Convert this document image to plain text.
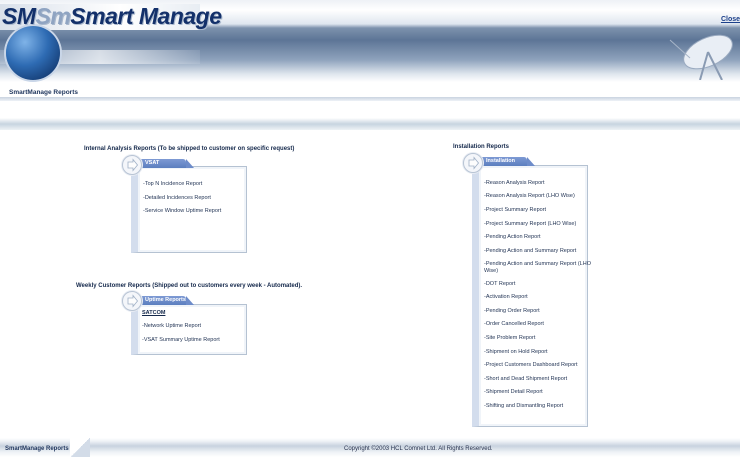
SMSmSmart Manage	Close
SmartManage Reports
Internal Analysis Reports (To be shipped to customer on specific request)
VSAT
-Top N Incidence Report
-Detailed Incidences Report
-Service Window Uptime Report
Weekly Customer Reports (Shipped out to customers every week - Automated).
Uptime Reports
SATCOM
-Network Uptime Report
-VSAT Summary Uptime Report
Installation Reports
Installation
-Reason Analysis Report
-Reason Analysis Report (LHO Wise)
-Project Summary Report
-Project Summary Report (LHO Wise)
-Pending Action Report
-Pending Action and Summary Report
-Pending Action and Summary Report (LHO Wise)
-DOT Report
-Activation Report
-Pending Order Report
-Order Cancelled Report
-Site Problem Report
-Shipment on Hold Report
-Project Customers Dashboard Report
-Short and Dead Shipment Report
-Shipment Detail Report
-Shifting and Dismantling Report
SmartManage Reports	Copyright ©2003 HCL Comnet Ltd. All Rights Reserved.
